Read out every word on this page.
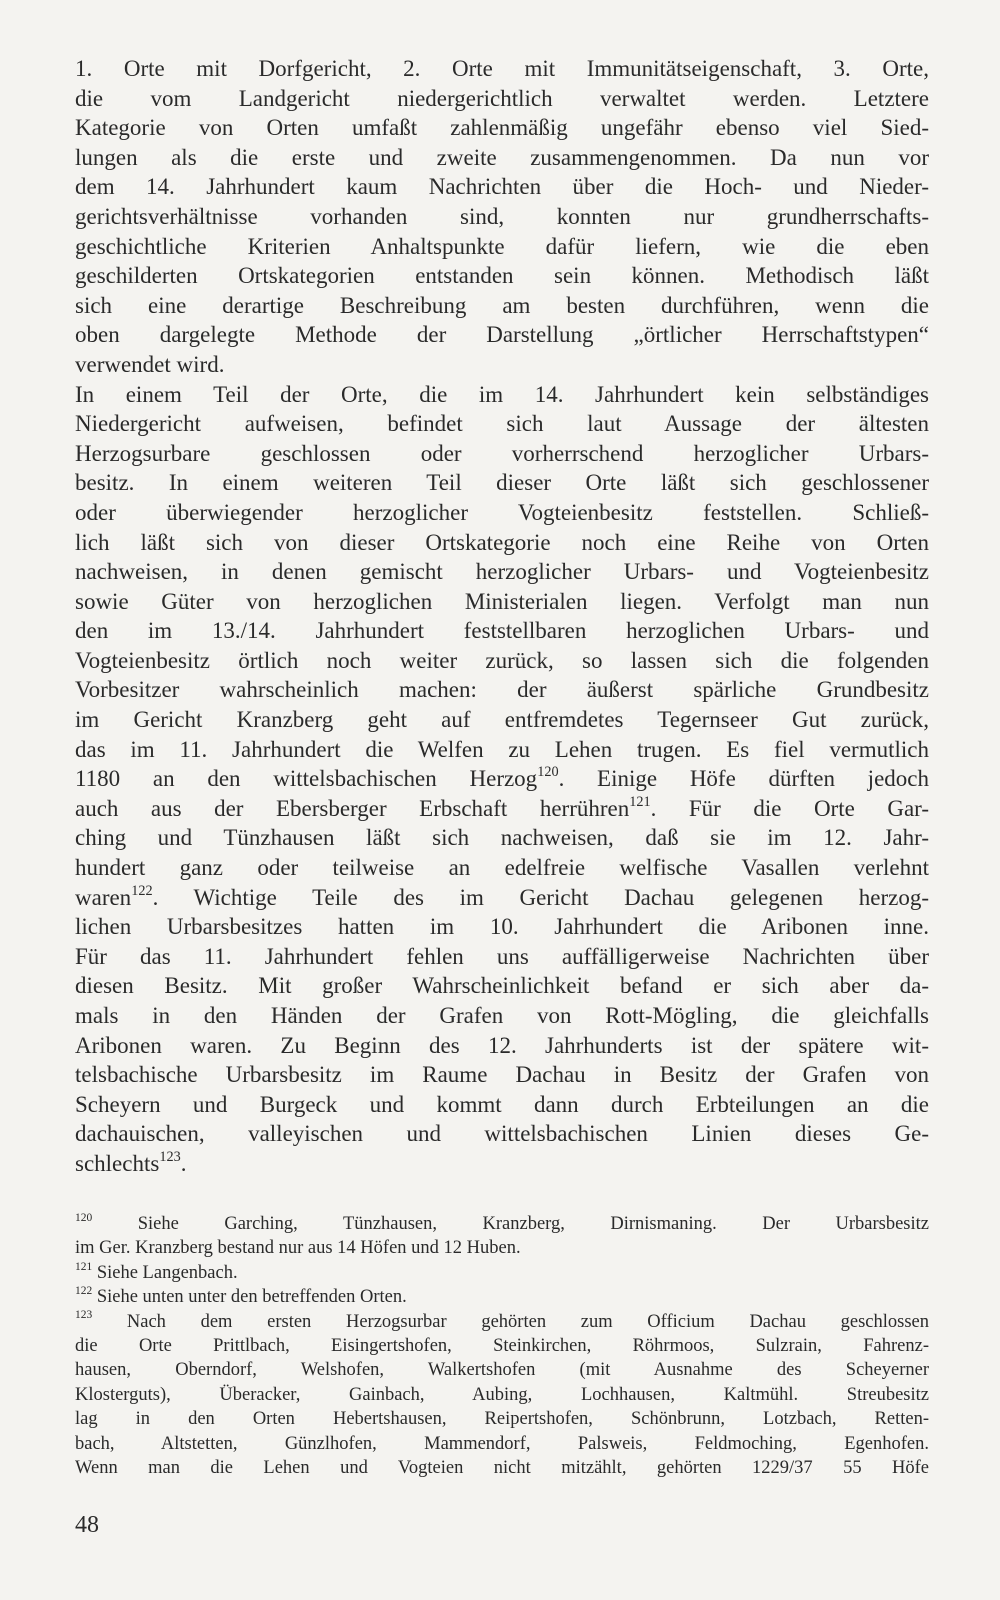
1. Orte mit Dorfgericht, 2. Orte mit Immunitätseigenschaft, 3. Orte,
die vom Landgericht niedergerichtlich verwaltet werden. Letztere
Kategorie von Orten umfaßt zahlenmäßig ungefähr ebenso viel Sied-
lungen als die erste und zweite zusammengenommen. Da nun vor
dem 14. Jahrhundert kaum Nachrichten über die Hoch- und Nieder-
gerichtsverhältnisse vorhanden sind, konnten nur grundherrschafts-
geschichtliche Kriterien Anhaltspunkte dafür liefern, wie die eben
geschilderten Ortskategorien entstanden sein können. Methodisch läßt
sich eine derartige Beschreibung am besten durchführen, wenn die
oben dargelegte Methode der Darstellung „örtlicher Herrschaftstypen“
verwendet wird.
In einem Teil der Orte, die im 14. Jahrhundert kein selbständiges
Niedergericht aufweisen, befindet sich laut Aussage der ältesten
Herzogsurbare geschlossen oder vorherrschend herzoglicher Urbars-
besitz. In einem weiteren Teil dieser Orte läßt sich geschlossener
oder überwiegender herzoglicher Vogteienbesitz feststellen. Schließ-
lich läßt sich von dieser Ortskategorie noch eine Reihe von Orten
nachweisen, in denen gemischt herzoglicher Urbars- und Vogteienbesitz
sowie Güter von herzoglichen Ministerialen liegen. Verfolgt man nun
den im 13./14. Jahrhundert feststellbaren herzoglichen Urbars- und
Vogteienbesitz örtlich noch weiter zurück, so lassen sich die folgenden
Vorbesitzer wahrscheinlich machen: der äußerst spärliche Grundbesitz
im Gericht Kranzberg geht auf entfremdetes Tegernseer Gut zurück,
das im 11. Jahrhundert die Welfen zu Lehen trugen. Es fiel vermutlich
1180 an den wittelsbachischen Herzog$^{120}$. Einige Höfe dürften jedoch
auch aus der Ebersberger Erbschaft herrühren$^{121}$. Für die Orte Gar-
ching und Tünzhausen läßt sich nachweisen, daß sie im 12. Jahr-
hundert ganz oder teilweise an edelfreie welfische Vasallen verlehnt
waren$^{122}$. Wichtige Teile des im Gericht Dachau gelegenen herzog-
lichen Urbarsbesitzes hatten im 10. Jahrhundert die Aribonen inne.
Für das 11. Jahrhundert fehlen uns auffälligerweise Nachrichten über
diesen Besitz. Mit großer Wahrscheinlichkeit befand er sich aber da-
mals in den Händen der Grafen von Rott-Mögling, die gleichfalls
Aribonen waren. Zu Beginn des 12. Jahrhunderts ist der spätere wit-
telsbachische Urbarsbesitz im Raume Dachau in Besitz der Grafen von
Scheyern und Burgeck und kommt dann durch Erbteilungen an die
dachauischen, valleyischen und wittelsbachischen Linien dieses Ge-
schlechts$^{123}$.
$^{120}$ Siehe Garching, Tünzhausen, Kranzberg, Dirnismaning. Der Urbarsbesitz
im Ger. Kranzberg bestand nur aus 14 Höfen und 12 Huben.
$^{121}$ Siehe Langenbach.
$^{122}$ Siehe unten unter den betreffenden Orten.
$^{123}$ Nach dem ersten Herzogsurbar gehörten zum Officium Dachau geschlossen
die Orte Prittlbach, Eisingertshofen, Steinkirchen, Röhrmoos, Sulzrain, Fahrenz-
hausen, Oberndorf, Welshofen, Walkertshofen (mit Ausnahme des Scheyerner
Klosterguts), Überacker, Gainbach, Aubing, Lochhausen, Kaltmühl. Streubesitz
lag in den Orten Hebertshausen, Reipertshofen, Schönbrunn, Lotzbach, Retten-
bach, Altstetten, Günzlhofen, Mammendorf, Palsweis, Feldmoching, Egenhofen.
Wenn man die Lehen und Vogteien nicht mitzählt, gehörten 1229/37 55 Höfe
48
